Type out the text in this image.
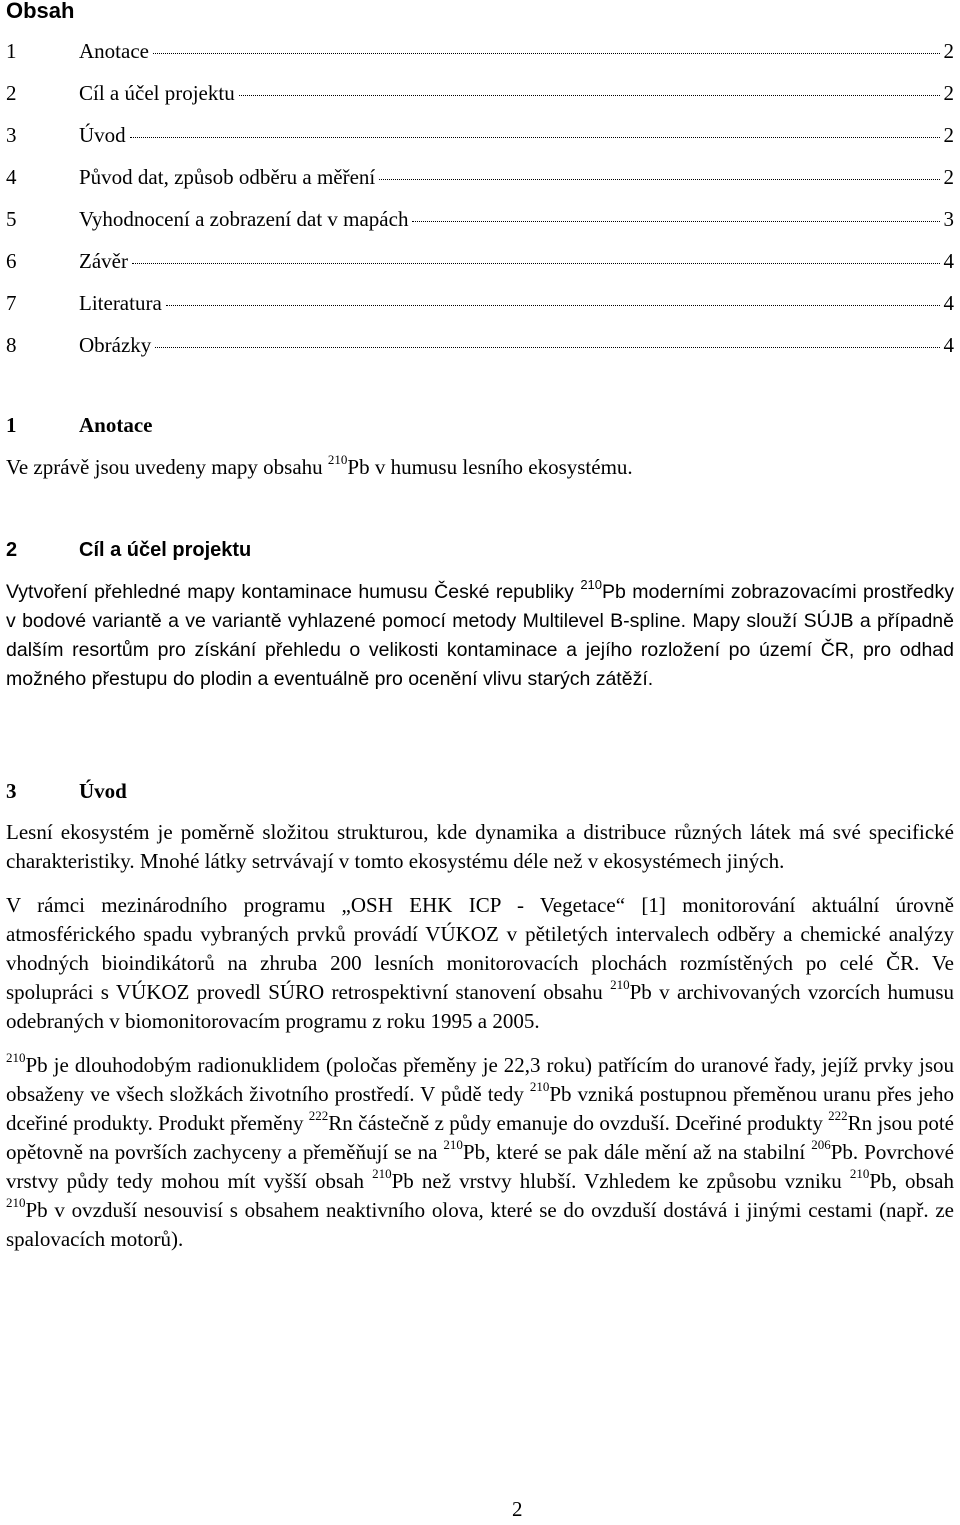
Obsah
1	Anotace	2
2	Cíl a účel projektu	2
3	Úvod	2
4	Původ dat, způsob odběru a měření	2
5	Vyhodnocení a zobrazení dat v mapách	3
6	Závěr	4
7	Literatura	4
8	Obrázky	4
1	Anotace

Ve zprávě jsou uvedeny mapy obsahu $^{210}$Pb v humusu lesního ekosystému.

2	Cíl a účel projektu

Vytvoření přehledné mapy kontaminace humusu České republiky $^{210}$Pb moderními zobrazovacími prostředky v bodové variantě a ve variantě vyhlazené pomocí metody Multilevel B-spline. Mapy slouží SÚJB a případně dalším resortům pro získání přehledu o velikosti kontaminace a jejího rozložení po území ČR, pro odhad možného přestupu do plodin a eventuálně pro ocenění vlivu starých zátěží.

3	Úvod

Lesní ekosystém je poměrně složitou strukturou, kde dynamika a distribuce různých látek má své specifické charakteristiky. Mnohé látky setrvávají v tomto ekosystému déle než v ekosystémech jiných.

V rámci mezinárodního programu „OSH EHK ICP - Vegetace“ [1] monitorování aktuální úrovně atmosférického spadu vybraných prvků provádí VÚKOZ v pětiletých intervalech odběry a chemické analýzy vhodných bioindikátorů na zhruba 200 lesních monitorovacích plochách rozmístěných po celé ČR. Ve spolupráci s VÚKOZ provedl SÚRO retrospektivní stanovení obsahu $^{210}$Pb v archivovaných vzorcích humusu odebraných v biomonitorovacím programu z roku 1995 a 2005.

$^{210}$Pb je dlouhodobým radionuklidem (poločas přeměny je 22,3 roku) patřícím do uranové řady, jejíž prvky jsou obsaženy ve všech složkách životního prostředí. V půdě tedy $^{210}$Pb vzniká postupnou přeměnou uranu přes jeho dceřiné produkty. Produkt přeměny $^{222}$Rn částečně z půdy emanuje do ovzduší. Dceřiné produkty $^{222}$Rn jsou poté opětovně na površích zachyceny a přeměňují se na $^{210}$Pb, které se pak dále mění až na stabilní $^{206}$Pb. Povrchové vrstvy půdy tedy mohou mít vyšší obsah $^{210}$Pb než vrstvy hlubší. Vzhledem ke způsobu vzniku $^{210}$Pb, obsah $^{210}$Pb v ovzduší nesouvisí s obsahem neaktivního olova, které se do ovzduší dostává i jinými cestami (např. ze spalovacích motorů).

2
